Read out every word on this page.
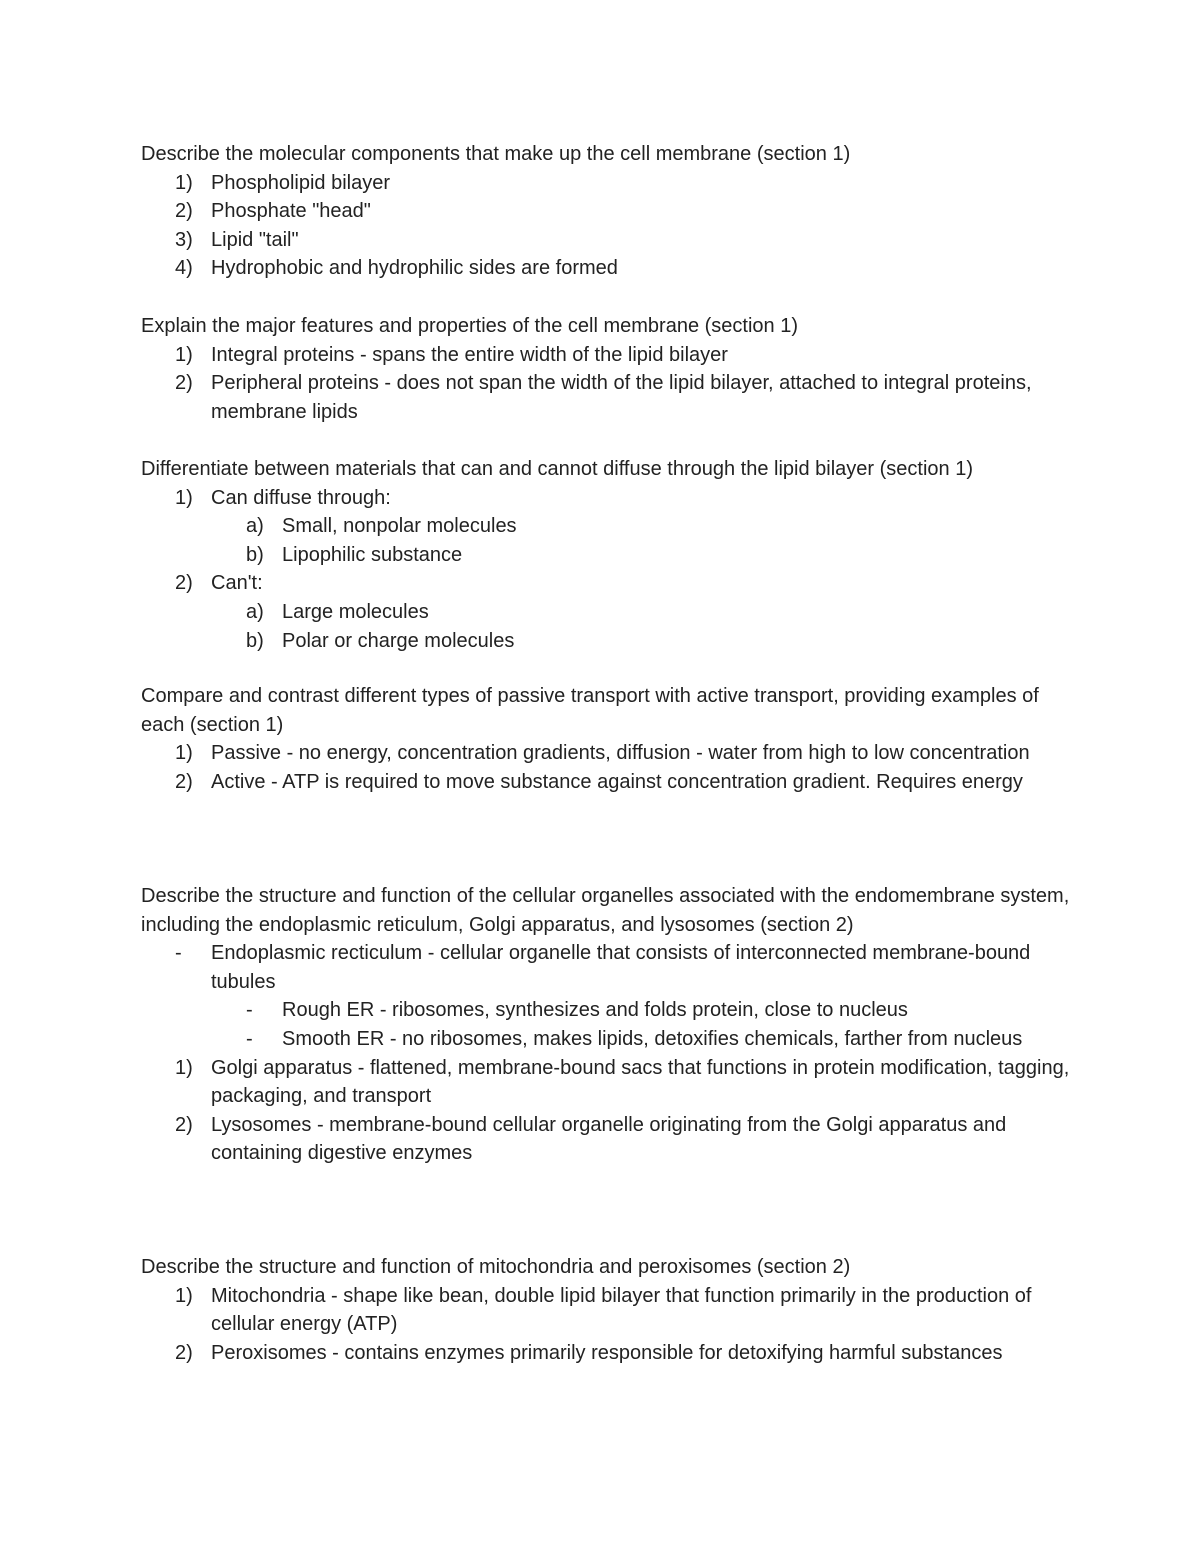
Describe the molecular components that make up the cell membrane (section 1)

1) Phospholipid bilayer
2) Phosphate "head"
3) Lipid "tail"
4) Hydrophobic and hydrophilic sides are formed

Explain the major features and properties of the cell membrane (section 1)

1) Integral proteins - spans the entire width of the lipid bilayer
2) Peripheral proteins - does not span the width of the lipid bilayer, attached to integral proteins, membrane lipids

Differentiate between materials that can and cannot diffuse through the lipid bilayer (section 1)

1) Can diffuse through:
a) Small, nonpolar molecules
b) Lipophilic substance
2) Can't:
a) Large molecules
b) Polar or charge molecules

Compare and contrast different types of passive transport with active transport, providing examples of each (section 1)

1) Passive - no energy, concentration gradients, diffusion - water from high to low concentration
2) Active - ATP is required to move substance against concentration gradient. Requires energy

Describe the structure and function of the cellular organelles associated with the endomembrane system, including the endoplasmic reticulum, Golgi apparatus, and lysosomes (section 2)

-	Endoplasmic recticulum - cellular organelle that consists of interconnected membrane-bound tubules
-	Rough ER - ribosomes, synthesizes and folds protein, close to nucleus
-	Smooth ER - no ribosomes, makes lipids, detoxifies chemicals, farther from nucleus
1) Golgi apparatus - flattened, membrane-bound sacs that functions in protein modification, tagging, packaging, and transport
2) Lysosomes - membrane-bound cellular organelle originating from the Golgi apparatus and containing digestive enzymes

Describe the structure and function of mitochondria and peroxisomes (section 2)

1) Mitochondria - shape like bean, double lipid bilayer that function primarily in the production of cellular energy (ATP)
2) Peroxisomes - contains enzymes primarily responsible for detoxifying harmful substances
